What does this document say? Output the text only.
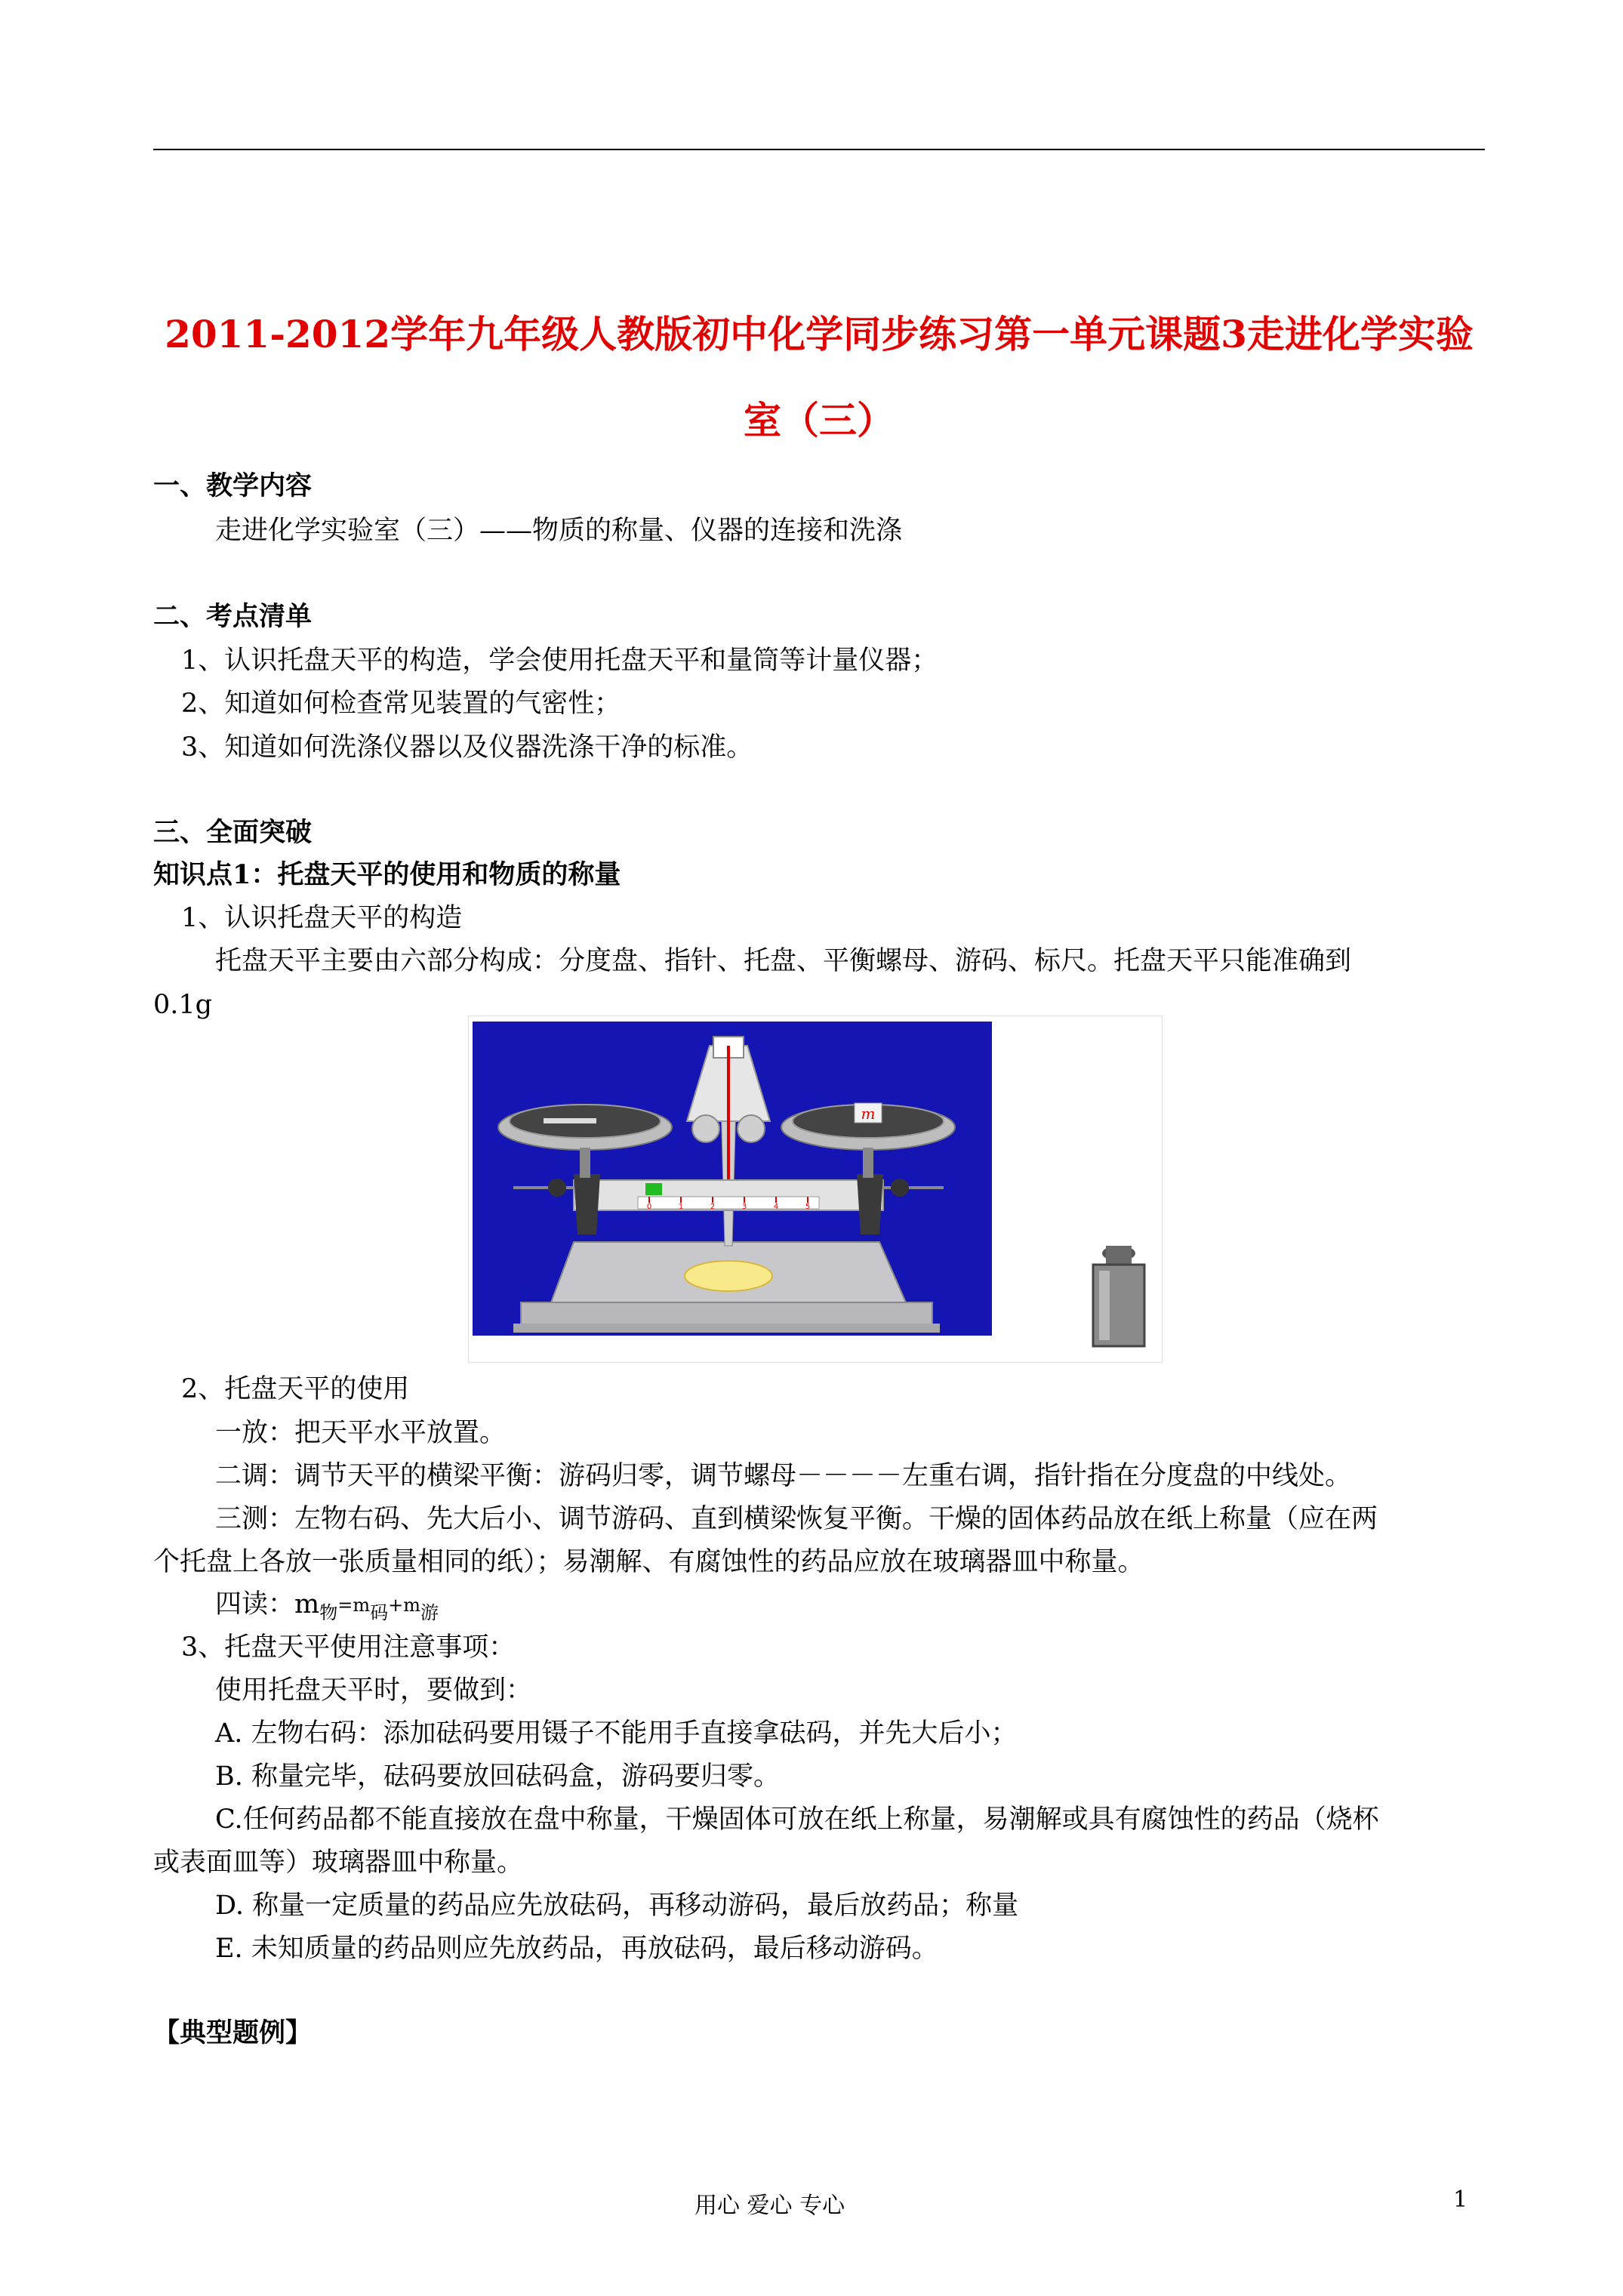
2011-2012学年九年级人教版初中化学同步练习第一单元课题3走进化学实验
室（三）
一、教学内容
走进化学实验室（三）——物质的称量、仪器的连接和洗涤
二、考点清单
1、认识托盘天平的构造，学会使用托盘天平和量筒等计量仪器；
2、知道如何检查常见装置的气密性；
3、知道如何洗涤仪器以及仪器洗涤干净的标准。
三、全面突破
知识点1：托盘天平的使用和物质的称量
1、认识托盘天平的构造
托盘天平主要由六部分构成：分度盘、指针、托盘、平衡螺母、游码、标尺。托盘天平只能准确到
0.1g
0	1	2	3	4	5
m
2、托盘天平的使用
一放：把天平水平放置。
二调：调节天平的横梁平衡：游码归零，调节螺母－－－－左重右调，指针指在分度盘的中线处。
三测：左物右码、先大后小、调节游码、直到横梁恢复平衡。干燥的固体药品放在纸上称量（应在两
个托盘上各放一张质量相同的纸）；易潮解、有腐蚀性的药品应放在玻璃器皿中称量。
四读：$m_物=m_码+m_游$
3、托盘天平使用注意事项：
使用托盘天平时，要做到：
A. 左物右码：添加砝码要用镊子不能用手直接拿砝码，并先大后小；
B. 称量完毕，砝码要放回砝码盒，游码要归零。
C.任何药品都不能直接放在盘中称量，干燥固体可放在纸上称量，易潮解或具有腐蚀性的药品（烧杯
或表面皿等）玻璃器皿中称量。
D. 称量一定质量的药品应先放砝码，再移动游码，最后放药品；称量
E. 未知质量的药品则应先放药品，再放砝码，最后移动游码。
【典型题例】
用心 爱心 专心	1
